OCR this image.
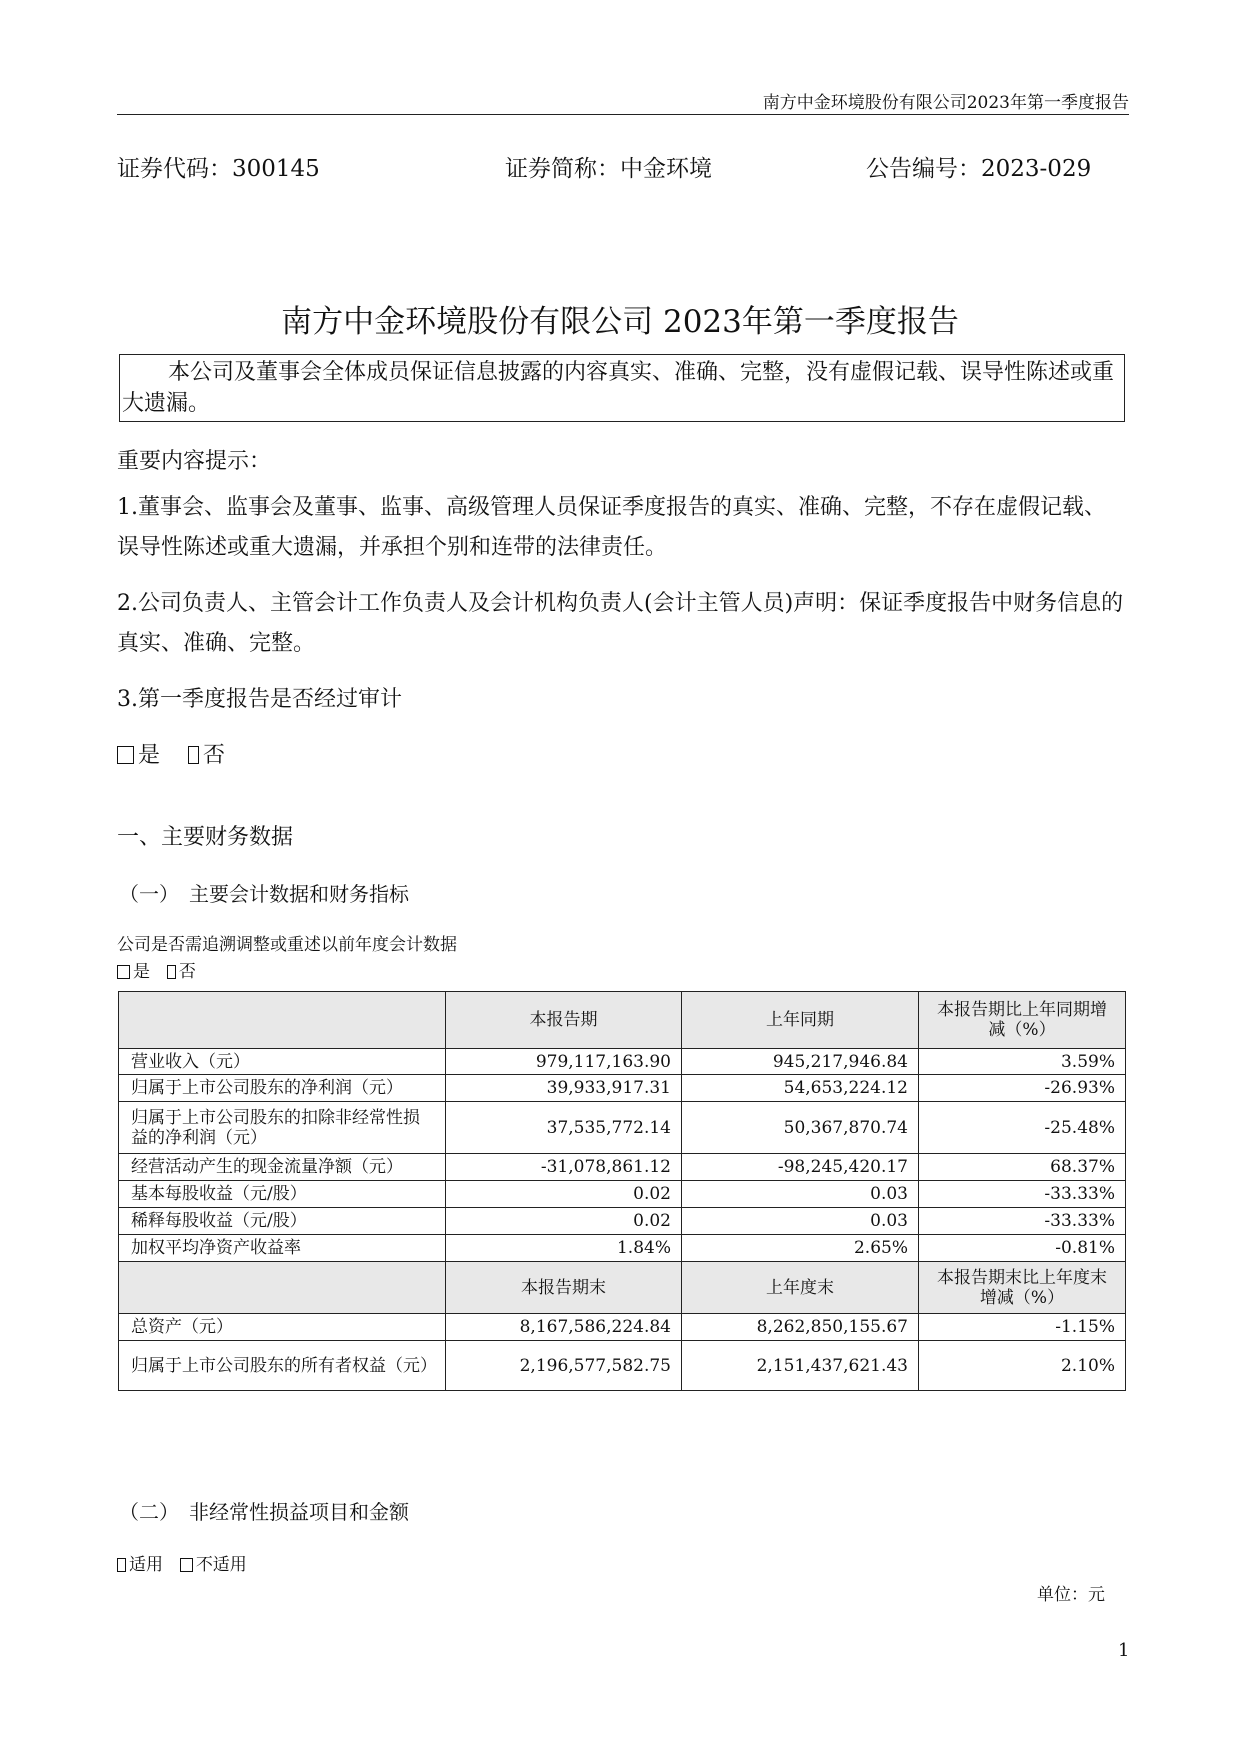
南方中金环境股份有限公司2023年第一季度报告
证券代码：300145	证券简称：中金环境	公告编号：2023-029
南方中金环境股份有限公司 2023年第一季度报告
本公司及董事会全体成员保证信息披露的内容真实、准确、完整，没有虚假记载、误导性陈述或重大遗漏。
重要内容提示：
1.董事会、监事会及董事、监事、高级管理人员保证季度报告的真实、准确、完整，不存在虚假记载、误导性陈述或重大遗漏，并承担个别和连带的法律责任。
2.公司负责人、主管会计工作负责人及会计机构负责人(会计主管人员)声明：保证季度报告中财务信息的真实、准确、完整。
3.第一季度报告是否经过审计
是 否
一、主要财务数据
（一）　主要会计数据和财务指标
公司是否需追溯调整或重述以前年度会计数据
是 否
	本报告期	上年同期	本报告期比上年同期增减（%）
营业收入（元）	979,117,163.90	945,217,946.84	3.59%
归属于上市公司股东的净利润（元）	39,933,917.31	54,653,224.12	-26.93%
归属于上市公司股东的扣除非经常性损益的净利润（元）	37,535,772.14	50,367,870.74	-25.48%
经营活动产生的现金流量净额（元）	-31,078,861.12	-98,245,420.17	68.37%
基本每股收益（元/股）	0.02	0.03	-33.33%
稀释每股收益（元/股）	0.02	0.03	-33.33%
加权平均净资产收益率	1.84%	2.65%	-0.81%
	本报告期末	上年度末	本报告期末比上年度末增减（%）
总资产（元）	8,167,586,224.84	8,262,850,155.67	-1.15%
归属于上市公司股东的所有者权益（元）	2,196,577,582.75	2,151,437,621.43	2.10%
（二）　非经常性损益项目和金额
适用 不适用
单位：元
1
